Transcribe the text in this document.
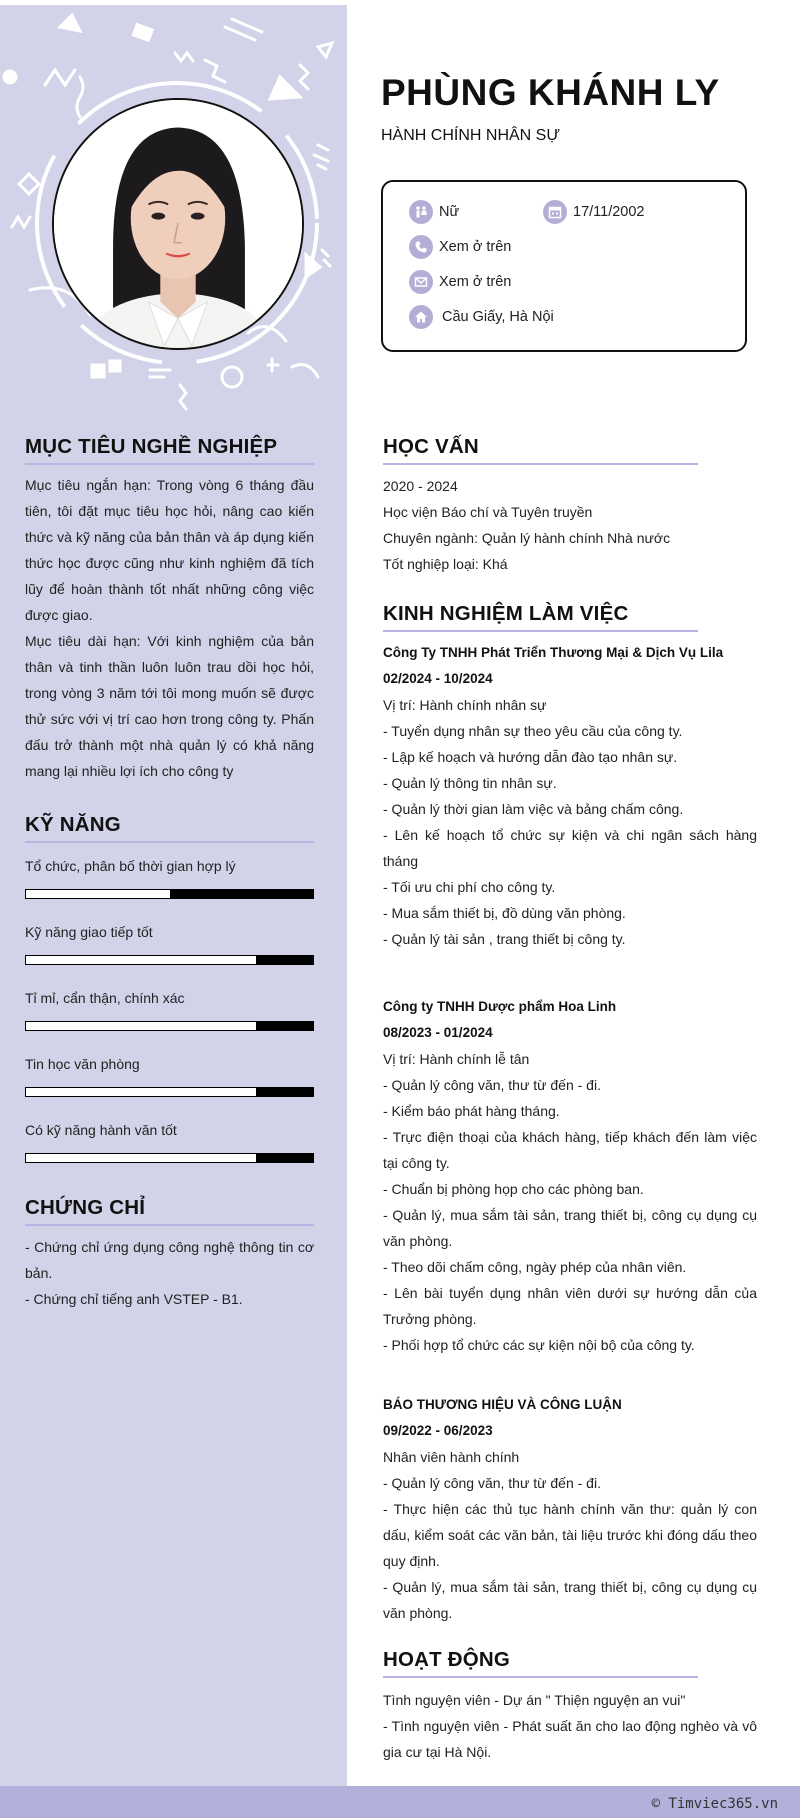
PHÙNG KHÁNH LY
HÀNH CHÍNH NHÂN SỰ
Nữ	17/11/2002
Xem ở trên
Xem ở trên
Cầu Giấy, Hà Nội
MỤC TIÊU NGHỀ NGHIỆP

Mục tiêu ngắn hạn: Trong vòng 6 tháng đầu tiên, tôi đặt mục tiêu học hỏi, nâng cao kiến thức và kỹ năng của bản thân và áp dụng kiến thức học được cũng như kinh nghiệm đã tích lũy để hoàn thành tốt nhất những công việc được giao.

Mục tiêu dài hạn: Với kinh nghiệm của bản thân và tinh thần luôn luôn trau dồi học hỏi, trong vòng 3 năm tới tôi mong muốn sẽ được thử sức với vị trí cao hơn trong công ty. Phấn đấu trở thành một nhà quản lý có khả năng mang lại nhiều lợi ích cho công ty

KỸ NĂNG
Tổ chức, phân bố thời gian hợp lý
Kỹ năng giao tiếp tốt
Tỉ mỉ, cẩn thận, chính xác
Tin học văn phòng
Có kỹ năng hành văn tốt
CHỨNG CHỈ

- Chứng chỉ ứng dụng công nghệ thông tin cơ bản.

- Chứng chỉ tiếng anh VSTEP - B1.

HỌC VẤN
2020 - 2024
Học viện Báo chí và Tuyên truyền
Chuyên ngành: Quản lý hành chính Nhà nước
Tốt nghiệp loại: Khá
KINH NGHIỆM LÀM VIỆC
Công Ty TNHH Phát Triển Thương Mại & Dịch Vụ Lila
02/2024 - 10/2024
Vị trí: Hành chính nhân sự
- Tuyển dụng nhân sự theo yêu cầu của công ty.
- Lập kế hoạch và hướng dẫn đào tạo nhân sự.
- Quản lý thông tin nhân sự.
- Quản lý thời gian làm việc và bảng chấm công.
- Lên kế hoạch tổ chức sự kiện và chi ngân sách hàng tháng
- Tối ưu chi phí cho công ty.
- Mua sắm thiết bị, đồ dùng văn phòng.
- Quản lý tài sản , trang thiết bị công ty.
Công ty TNHH Dược phẩm Hoa Linh
08/2023 - 01/2024
Vị trí: Hành chính lễ tân
- Quản lý công văn, thư từ đến - đi.
- Kiểm báo phát hàng tháng.
- Trực điện thoại của khách hàng, tiếp khách đến làm việc tại công ty.
- Chuẩn bị phòng họp cho các phòng ban.
- Quản lý, mua sắm tài sản, trang thiết bị, công cụ dụng cụ văn phòng.
- Theo dõi chấm công, ngày phép của nhân viên.
- Lên bài tuyển dụng nhân viên dưới sự hướng dẫn của Trưởng phòng.
- Phối hợp tổ chức các sự kiện nội bộ của công ty.
BÁO THƯƠNG HIỆU VÀ CÔNG LUẬN
09/2022 - 06/2023
Nhân viên hành chính
- Quản lý công văn, thư từ đến - đi.
- Thực hiện các thủ tục hành chính văn thư: quản lý con dấu, kiểm soát các văn bản, tài liệu trước khi đóng dấu theo quy định.
- Quản lý, mua sắm tài sản, trang thiết bị, công cụ dụng cụ văn phòng.
HOẠT ĐỘNG
Tình nguyện viên - Dự án " Thiện nguyện an vui"
- Tình nguyện viên - Phát suất ăn cho lao động nghèo và vô gia cư tại Hà Nội.
© Timviec365.vn
